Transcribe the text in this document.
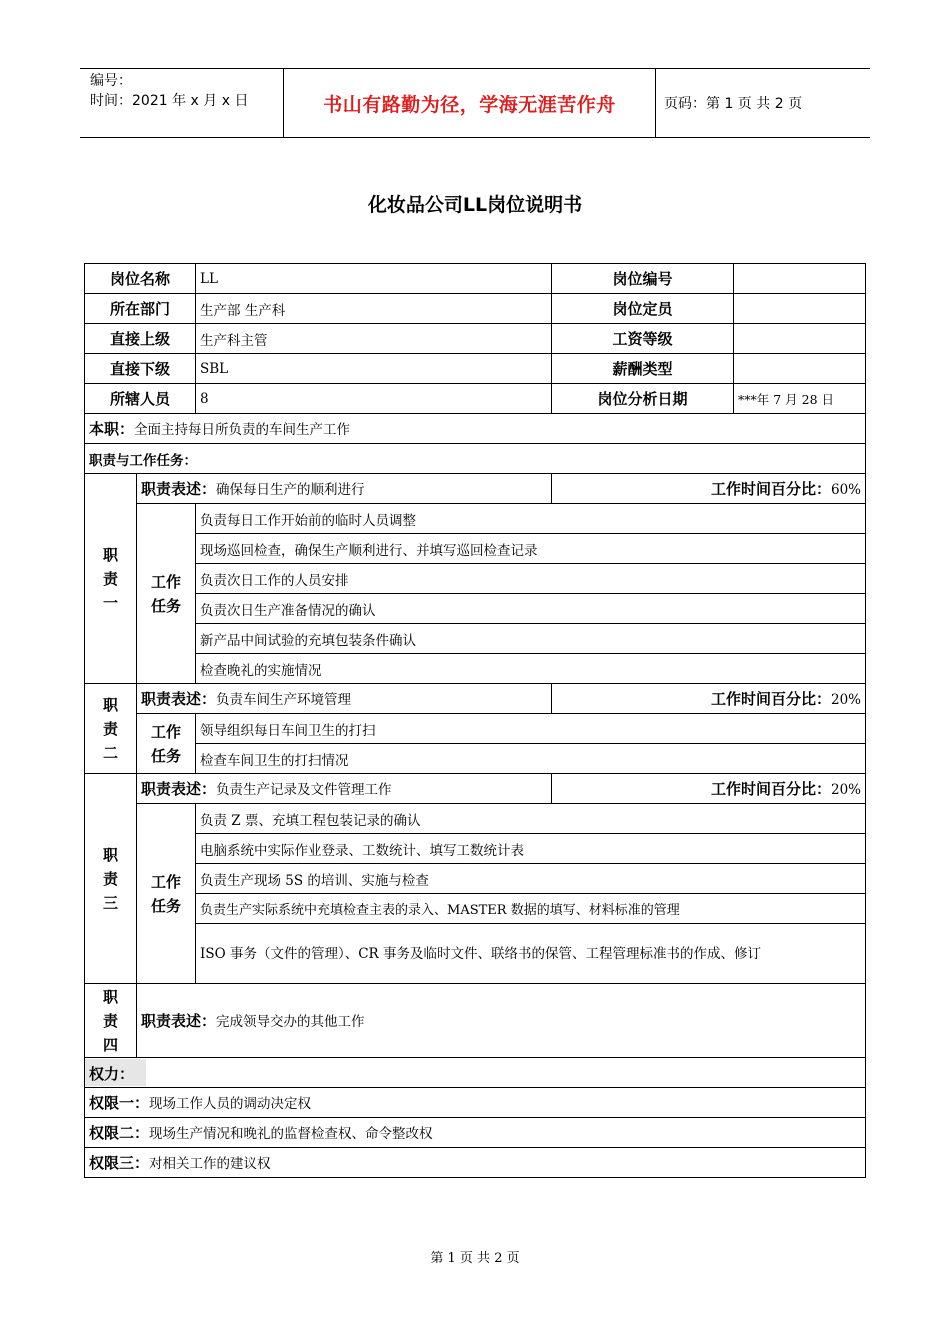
编号：
时间：2021 年 x 月 x 日	书山有路勤为径，学海无涯苦作舟	页码：第 1 页 共 2 页
化妆品公司LL岗位说明书
岗位名称		LL	岗位编号	
所在部门		生产部 生产科	岗位定员	
直接上级		生产科主管	工资等级	
直接下级		SBL	薪酬类型	
所辖人员		8	岗位分析日期	***年 7 月 28 日
本职：全面主持每日所负责的车间生产工作				
职责与工作任务：				

职
责
一	职责表述：确保每日生产的顺利进行		工作时间百分比：60%	

	工作
任务	负责每日工作开始前的临时人员调整		
		现场巡回检查，确保生产顺利进行、并填写巡回检查记录		
		负责次日工作的人员安排		
		负责次日生产准备情况的确认		
		新产品中间试验的充填包装条件确认		
		检查晚礼的实施情况		

职
责
二	职责表述：负责车间生产环境管理		工作时间百分比：20%	

	工作
任务	领导组织每日车间卫生的打扫		
		检查车间卫生的打扫情况		

职
责
三	职责表述：负责生产记录及文件管理工作		工作时间百分比：20%	

	工作
任务	负责 Z 票、充填工程包装记录的确认		
		电脑系统中实际作业登录、工数统计、填写工数统计表		
		负责生产现场 5S 的培训、实施与检查		
		负责生产实际系统中充填检查主表的录入、MASTER 数据的填写、材料标准的管理		
		ISO 事务（文件的管理）、CR 事务及临时文件、联络书的保管、工程管理标准书的作成、修订		

职
责
四	职责表述：完成领导交办的其他工作			
权力：				
权限一：现场工作人员的调动决定权				
权限二：现场生产情况和晚礼的监督检查权、命令整改权				
权限三：对相关工作的建议权				
第 1 页 共 2 页
